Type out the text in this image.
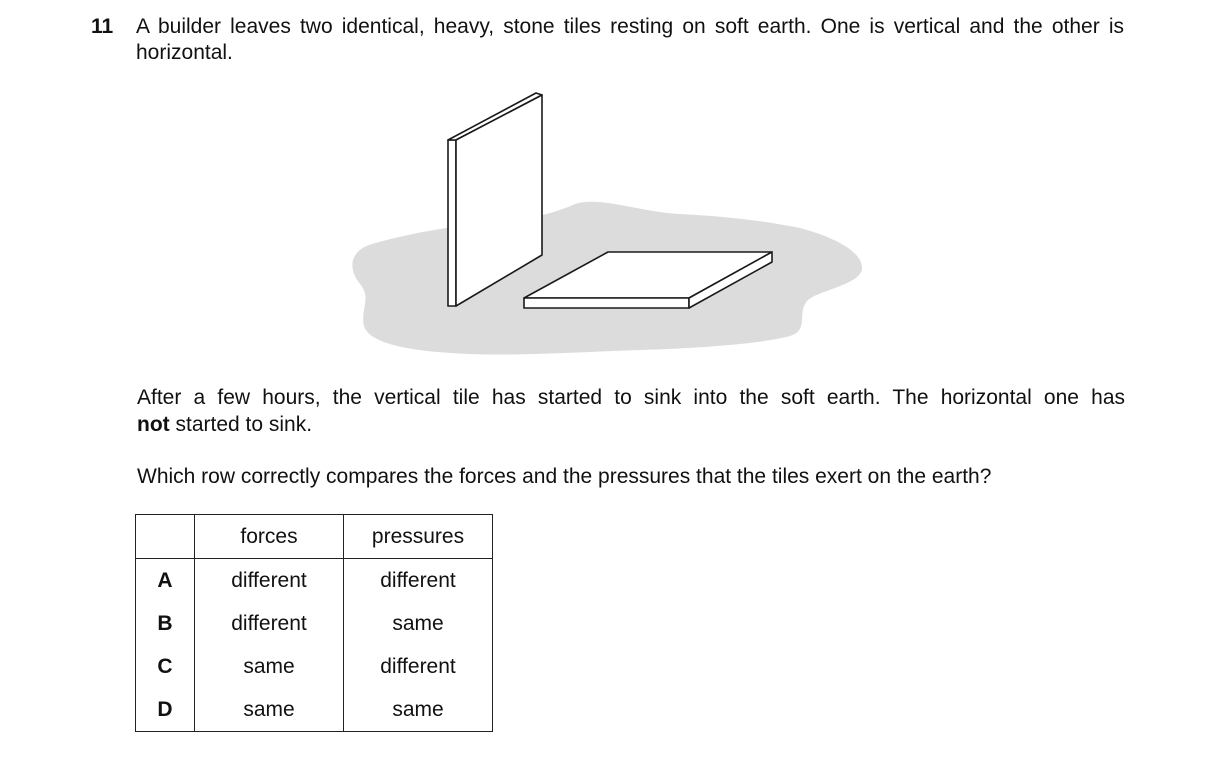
11 A builder leaves two identical, heavy, stone tiles resting on soft earth. One is vertical and the other is horizontal.
After a few hours, the vertical tile has started to sink into the soft earth. The horizontal one has
not started to sink.
Which row correctly compares the forces and the pressures that the tiles exert on the earth?
	forces	pressures
A	different	different
B	different	same
C	same	different
D	same	same
